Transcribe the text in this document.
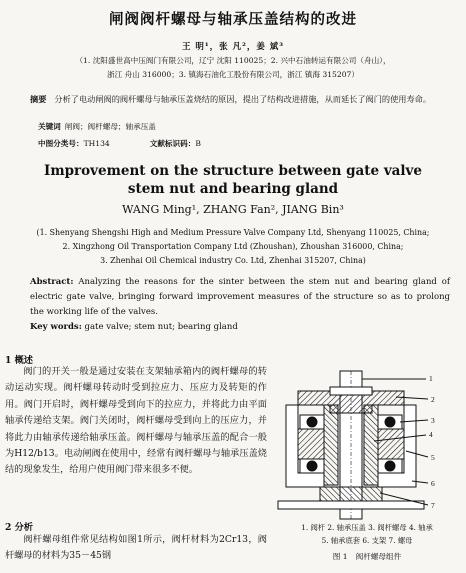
闸阀阀杆螺母与轴承压盖结构的改进
王 明¹，张 凡²，姜 斌³
（1. 沈阳盛世高中压阀门有限公司，辽宁 沈阳 110025；2. 兴中石油转运有限公司（舟山），
浙江 舟山 316000；3. 镇海石油化工股份有限公司，浙江 镇海 315207）
摘要 分析了电动闸阀的阀杆螺母与轴承压盖烧结的原因，提出了结构改进措施，从而延长了阀门的使用寿命。
关键词 闸阀；阀杆螺母；轴承压盖
中图分类号：TH134	文献标识码：B
Improvement on the structure between gate valve
stem nut and bearing gland
WANG Ming¹, ZHANG Fan², JIANG Bin³
(1. Shenyang Shengshi High and Medium Pressure Valve Company Ltd, Shenyang 110025, China;
2. Xingzhong Oil Transportation Company Ltd (Zhoushan), Zhoushan 316000, China;
3. Zhenhai Oil Chemical industry Co. Ltd, Zhenhai 315207, China)
Abstract: Analyzing the reasons for the sinter between the stem nut and bearing gland of electric gate valve, bringing forward improvement measures of the structure so as to prolong the working life of the valves.
Key words: gate valve; stem nut; bearing gland
1 概述
阀门的开关一般是通过安装在支架轴承箱内的阀杆螺母的转动运动实现。阀杆螺母转动时受到拉应力、压应力及转矩的作用。阀门开启时，阀杆螺母受到向下的拉应力，并将此力由平面轴承传递给支架。阀门关闭时，阀杆螺母受到向上的压应力，并将此力由轴承传递给轴承压盖。阀杆螺母与轴承压盖的配合一般为H12/b13。电动闸阀在使用中，经常有阀杆螺母与轴承压盖烧结的现象发生，给用户使用阀门带来很多不便。
2 分析
阀杆螺母组件常见结构如图1所示，阀杆材料为2Cr13，阀杆螺母的材料为35－45钢
1
2
3
4
5
6
7
1. 阀杆 2. 轴承压盖 3. 阀杆螺母 4. 轴承
5. 轴承底套 6. 支架 7. 螺母
图 1 阀杆螺母组件
